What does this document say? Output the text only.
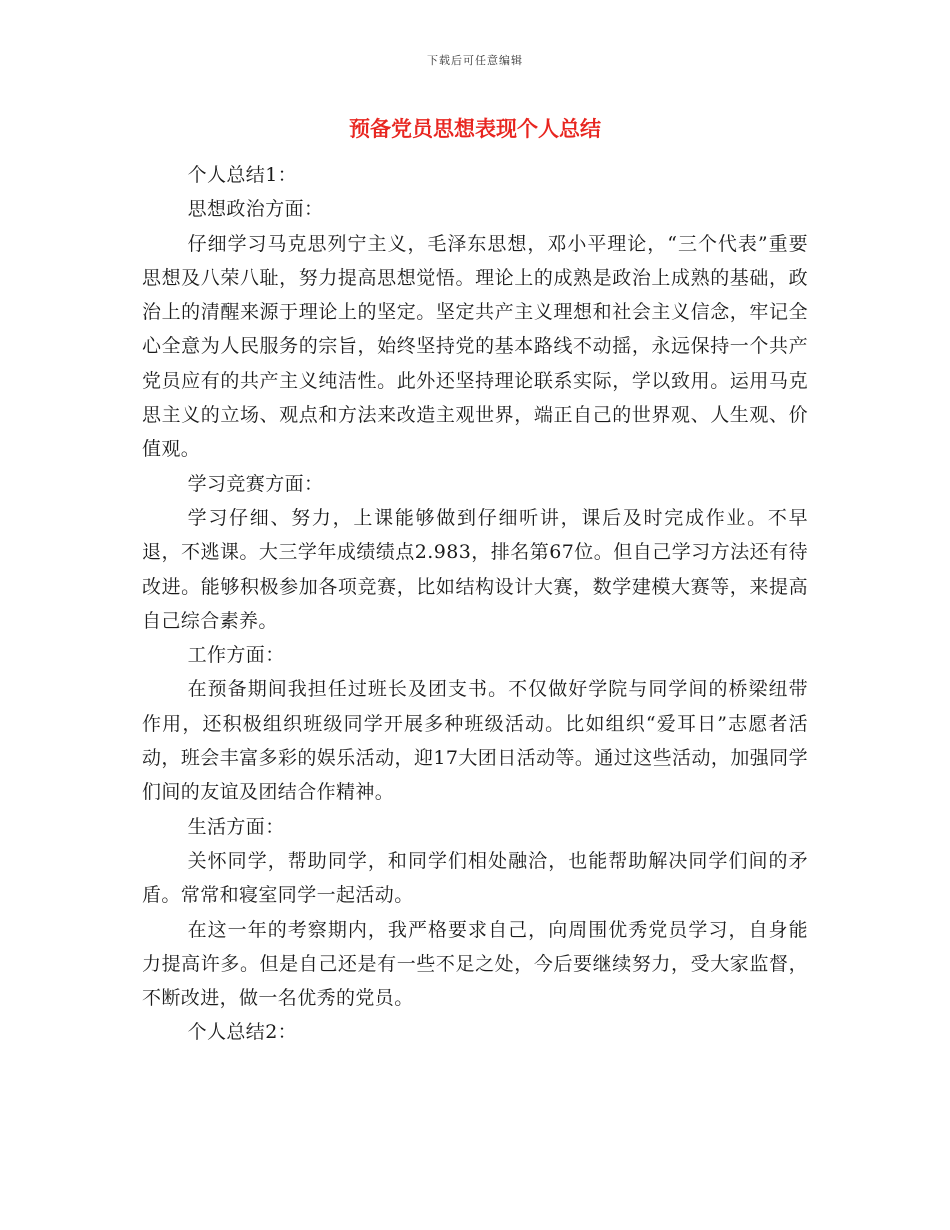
下载后可任意编辑
预备党员思想表现个人总结

个人总结1：

思想政治方面：

仔细学习马克思列宁主义，毛泽东思想，邓小平理论，“三个代表”重要思想及八荣八耻，努力提高思想觉悟。理论上的成熟是政治上成熟的基础，政治上的清醒来源于理论上的坚定。坚定共产主义理想和社会主义信念，牢记全心全意为人民服务的宗旨，始终坚持党的基本路线不动摇，永远保持一个共产党员应有的共产主义纯洁性。此外还坚持理论联系实际，学以致用。运用马克思主义的立场、观点和方法来改造主观世界，端正自己的世界观、人生观、价值观。

学习竞赛方面：

学习仔细、努力，上课能够做到仔细听讲，课后及时完成作业。不早退，不逃课。大三学年成绩绩点2.983，排名第67位。但自己学习方法还有待改进。能够积极参加各项竞赛，比如结构设计大赛，数学建模大赛等，来提高自己综合素养。

工作方面：

在预备期间我担任过班长及团支书。不仅做好学院与同学间的桥梁纽带作用，还积极组织班级同学开展多种班级活动。比如组织“爱耳日”志愿者活动，班会丰富多彩的娱乐活动，迎17大团日活动等。通过这些活动，加强同学们间的友谊及团结合作精神。

生活方面：

关怀同学，帮助同学，和同学们相处融洽，也能帮助解决同学们间的矛盾。常常和寝室同学一起活动。

在这一年的考察期内，我严格要求自己，向周围优秀党员学习，自身能力提高许多。但是自己还是有一些不足之处，今后要继续努力，受大家监督，不断改进，做一名优秀的党员。

个人总结2：
